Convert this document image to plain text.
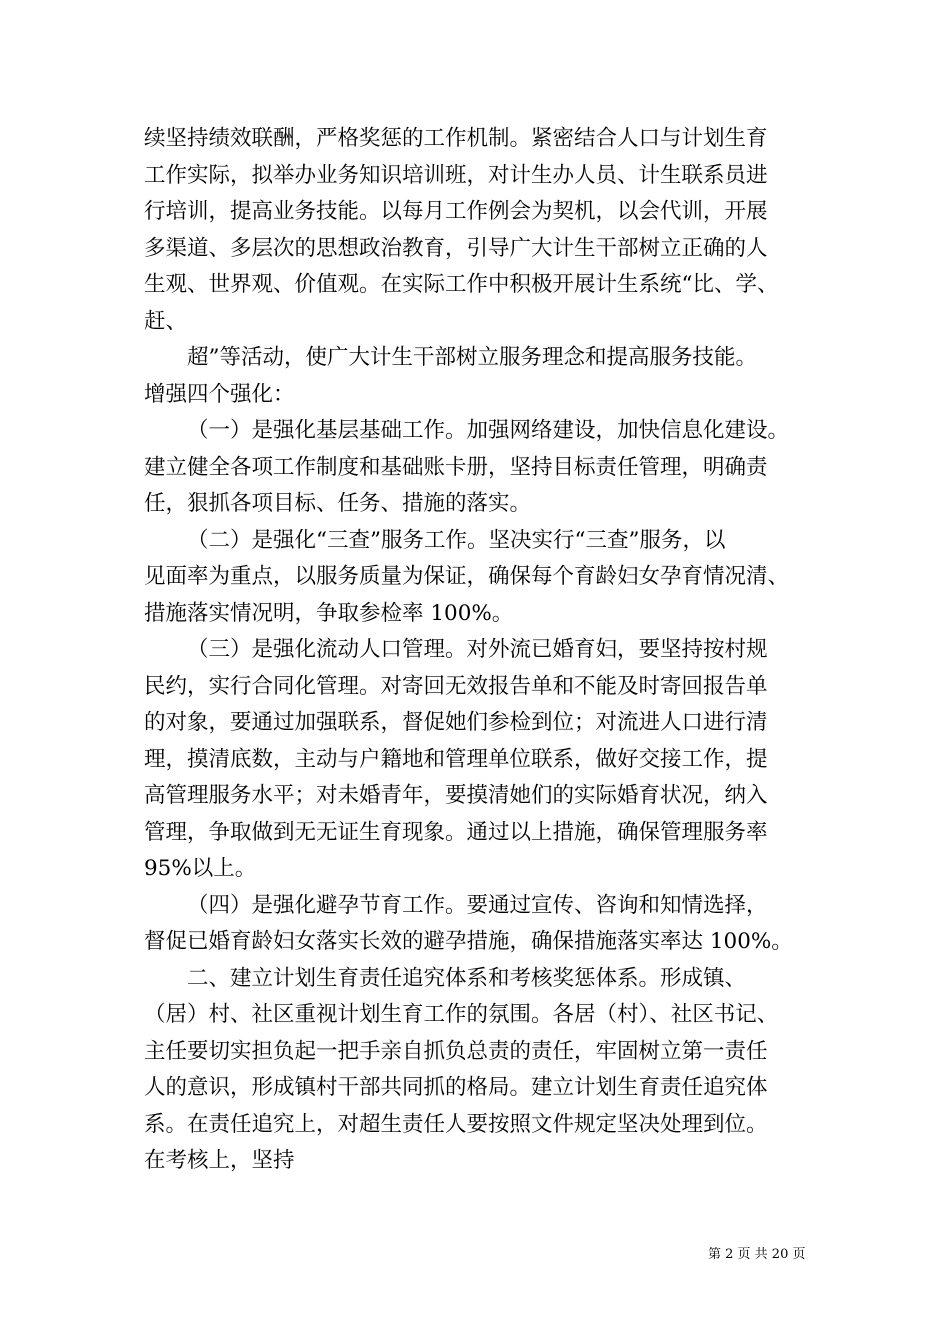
续坚持绩效联酬，严格奖惩的工作机制。紧密结合人口与计划生育
工作实际，拟举办业务知识培训班，对计生办人员、计生联系员进
行培训，提高业务技能。以每月工作例会为契机，以会代训，开展
多渠道、多层次的思想政治教育，引导广大计生干部树立正确的人
生观、世界观、价值观。在实际工作中积极开展计生系统“比、学、
赶、
超”等活动，使广大计生干部树立服务理念和提高服务技能。
增强四个强化：
（一）是强化基层基础工作。加强网络建设，加快信息化建设。
建立健全各项工作制度和基础账卡册，坚持目标责任管理，明确责
任，狠抓各项目标、任务、措施的落实。
（二）是强化“三查”服务工作。坚决实行“三查”服务，以
见面率为重点，以服务质量为保证，确保每个育龄妇女孕育情况清、
措施落实情况明，争取参检率 100%。
（三）是强化流动人口管理。对外流已婚育妇，要坚持按村规
民约，实行合同化管理。对寄回无效报告单和不能及时寄回报告单
的对象，要通过加强联系，督促她们参检到位；对流进人口进行清
理，摸清底数，主动与户籍地和管理单位联系，做好交接工作，提
高管理服务水平；对未婚青年，要摸清她们的实际婚育状况，纳入
管理，争取做到无无证生育现象。通过以上措施，确保管理服务率
95%以上。
（四）是强化避孕节育工作。要通过宣传、咨询和知情选择，
督促已婚育龄妇女落实长效的避孕措施，确保措施落实率达 100%。
二、建立计划生育责任追究体系和考核奖惩体系。形成镇、
（居）村、社区重视计划生育工作的氛围。各居（村）、社区书记、
主任要切实担负起一把手亲自抓负总责的责任，牢固树立第一责任
人的意识，形成镇村干部共同抓的格局。建立计划生育责任追究体
系。在责任追究上，对超生责任人要按照文件规定坚决处理到位。
在考核上，坚持
第 2 页 共 20 页
